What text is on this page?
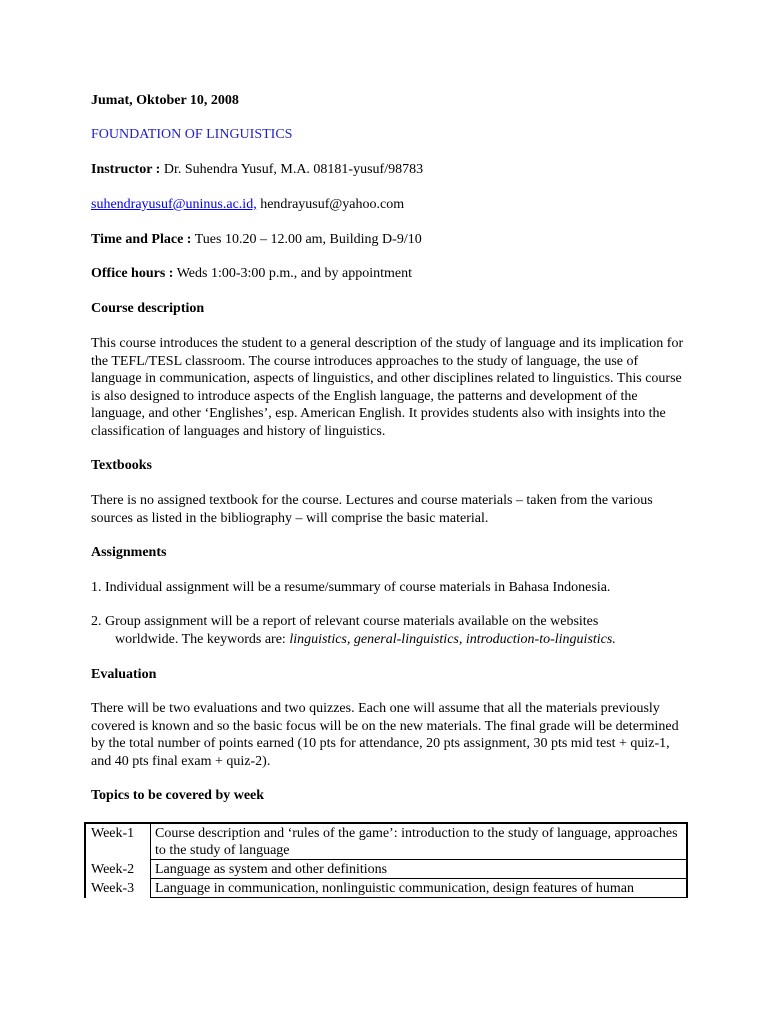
Jumat, Oktober 10, 2008

FOUNDATION OF LINGUISTICS

Instructor : Dr. Suhendra Yusuf, M.A. 08181-yusuf/98783

suhendrayusuf@uninus.ac.id, hendrayusuf@yahoo.com

Time and Place : Tues 10.20 – 12.00 am, Building D-9/10

Office hours : Weds 1:00-3:00 p.m., and by appointment

Course description

This course introduces the student to a general description of the study of language and its implication for the TEFL/TESL classroom. The course introduces approaches to the study of language, the use of language in communication, aspects of linguistics, and other disciplines related to linguistics. This course is also designed to introduce aspects of the English language, the patterns and development of the language, and other ‘Englishes’, esp. American English. It provides students also with insights into the classification of languages and history of linguistics.

Textbooks

There is no assigned textbook for the course. Lectures and course materials – taken from the various sources as listed in the bibliography – will comprise the basic material.

Assignments

1. Individual assignment will be a resume/summary of course materials in Bahasa Indonesia.

2. Group assignment will be a report of relevant course materials available on the websites
worldwide. The keywords are: linguistics, general-linguistics, introduction-to-linguistics.

Evaluation

There will be two evaluations and two quizzes. Each one will assume that all the materials previously covered is known and so the basic focus will be on the new materials. The final grade will be determined by the total number of points earned (10 pts for attendance, 20 pts assignment, 30 pts mid test + quiz-1, and 40 pts final exam + quiz-2).

Topics to be covered by week

Week-1	Course description and ‘rules of the game’: introduction to the study of language, approaches to the study of language
Week-2	Language as system and other definitions
Week-3	Language in communication, nonlinguistic communication, design features of human
